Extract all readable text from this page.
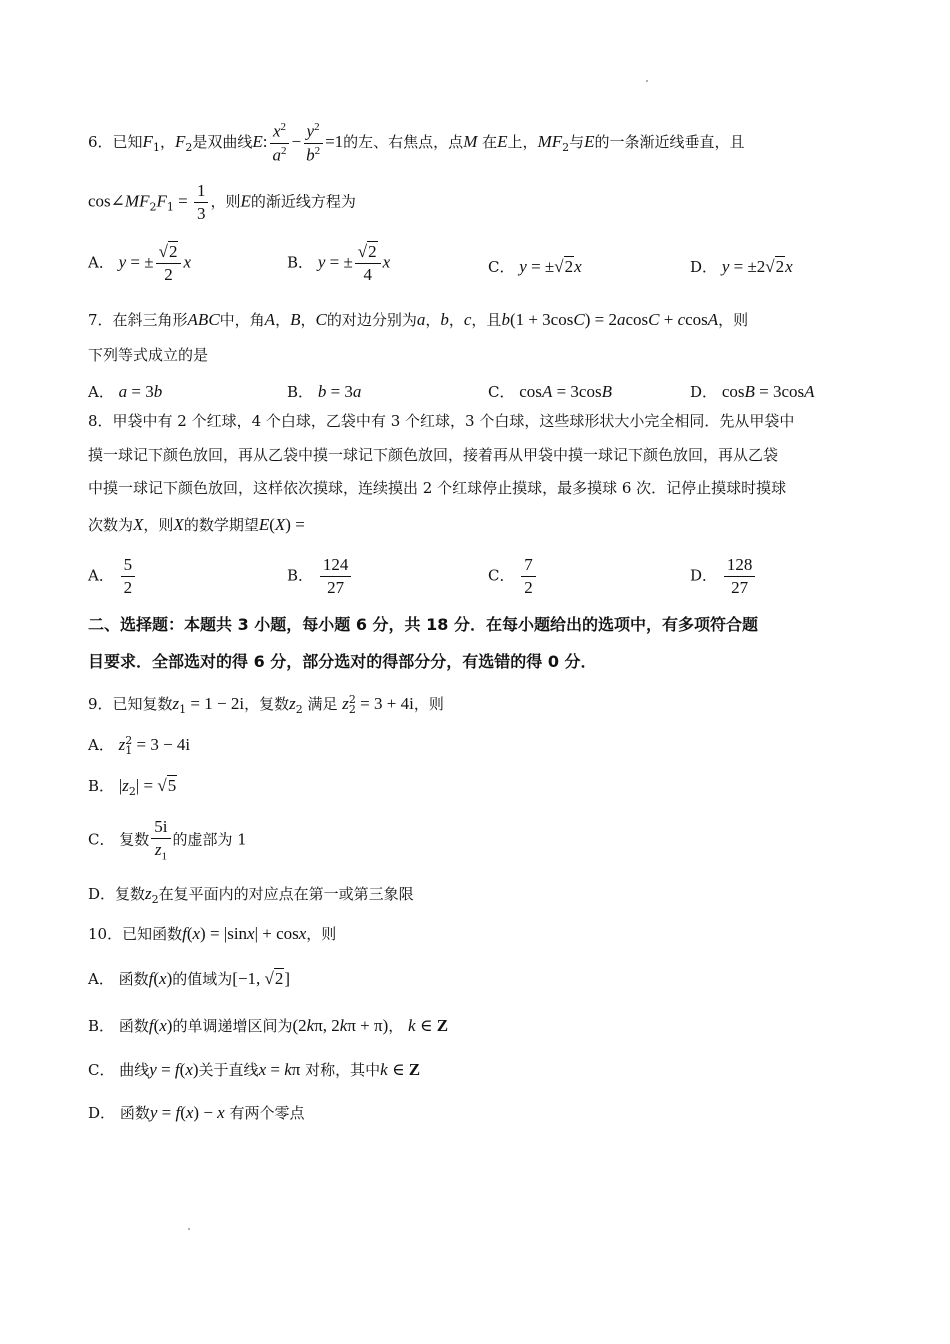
6．已知$F_1$，$F_2$是双曲线E: $\frac{x^2}{a^2} - \frac{y^2}{b^2} =1$的左、右焦点，点M 在E上，$MF_2$与E的一条渐近线垂直，且
$\cos\angle MF_2F_1 = \frac{1}{3}$ ，则E的渐近线方程为
A． y = ± $\frac{√2}{2}$ x	B． y = ± $\frac{√2}{4}$ x	C． y = ±√2x	D． y = ±2√2x
7．在斜三角形ABC中，角A，B，C的对边分别为a，b，c，且b(1 + 3cosC) = 2acosC + ccosA，则
下列等式成立的是
A． a = 3b	B． b = 3a	C． cosA = 3cosB	D． cosB = 3cosA
8．甲袋中有 2 个红球，4 个白球，乙袋中有 3 个红球，3 个白球，这些球形状大小完全相同．先从甲袋中
摸一球记下颜色放回，再从乙袋中摸一球记下颜色放回，接着再从甲袋中摸一球记下颜色放回，再从乙袋
中摸一球记下颜色放回，这样依次摸球，连续摸出 2 个红球停止摸球，最多摸球 6 次．记停止摸球时摸球
次数为X，则X的数学期望E(X) =
A． $\frac{5}{2}$	B． $\frac{124}{27}$	C． $\frac{7}{2}$	D． $\frac{128}{27}$
二、选择题：本题共 3 小题，每小题 6 分，共 18 分．在每小题给出的选项中，有多项符合题
目要求．全部选对的得 6 分，部分选对的得部分分，有选错的得 0 分．
9．已知复数$z_1 = 1 - 2i$，复数$z_2$ 满足 $z_2^2 = 3 + 4i$，则
A． $z_1^2 = 3 - 4i$
B． $|z_2| = √5$
C． 复数 $\frac{5i}{z_1}$ 的虚部为 1
D．复数$z_2$在复平面内的对应点在第一或第三象限
10．已知函数f(x) = |sinx| + cosx，则
A． 函数f(x)的值域为[−1, √2]
B． 函数f(x)的单调递增区间为(2kπ, 2kπ + π)， k ∈ Z
C． 曲线y = f(x)关于直线x = kπ 对称，其中k ∈ Z
D． 函数y = f(x) − x 有两个零点
